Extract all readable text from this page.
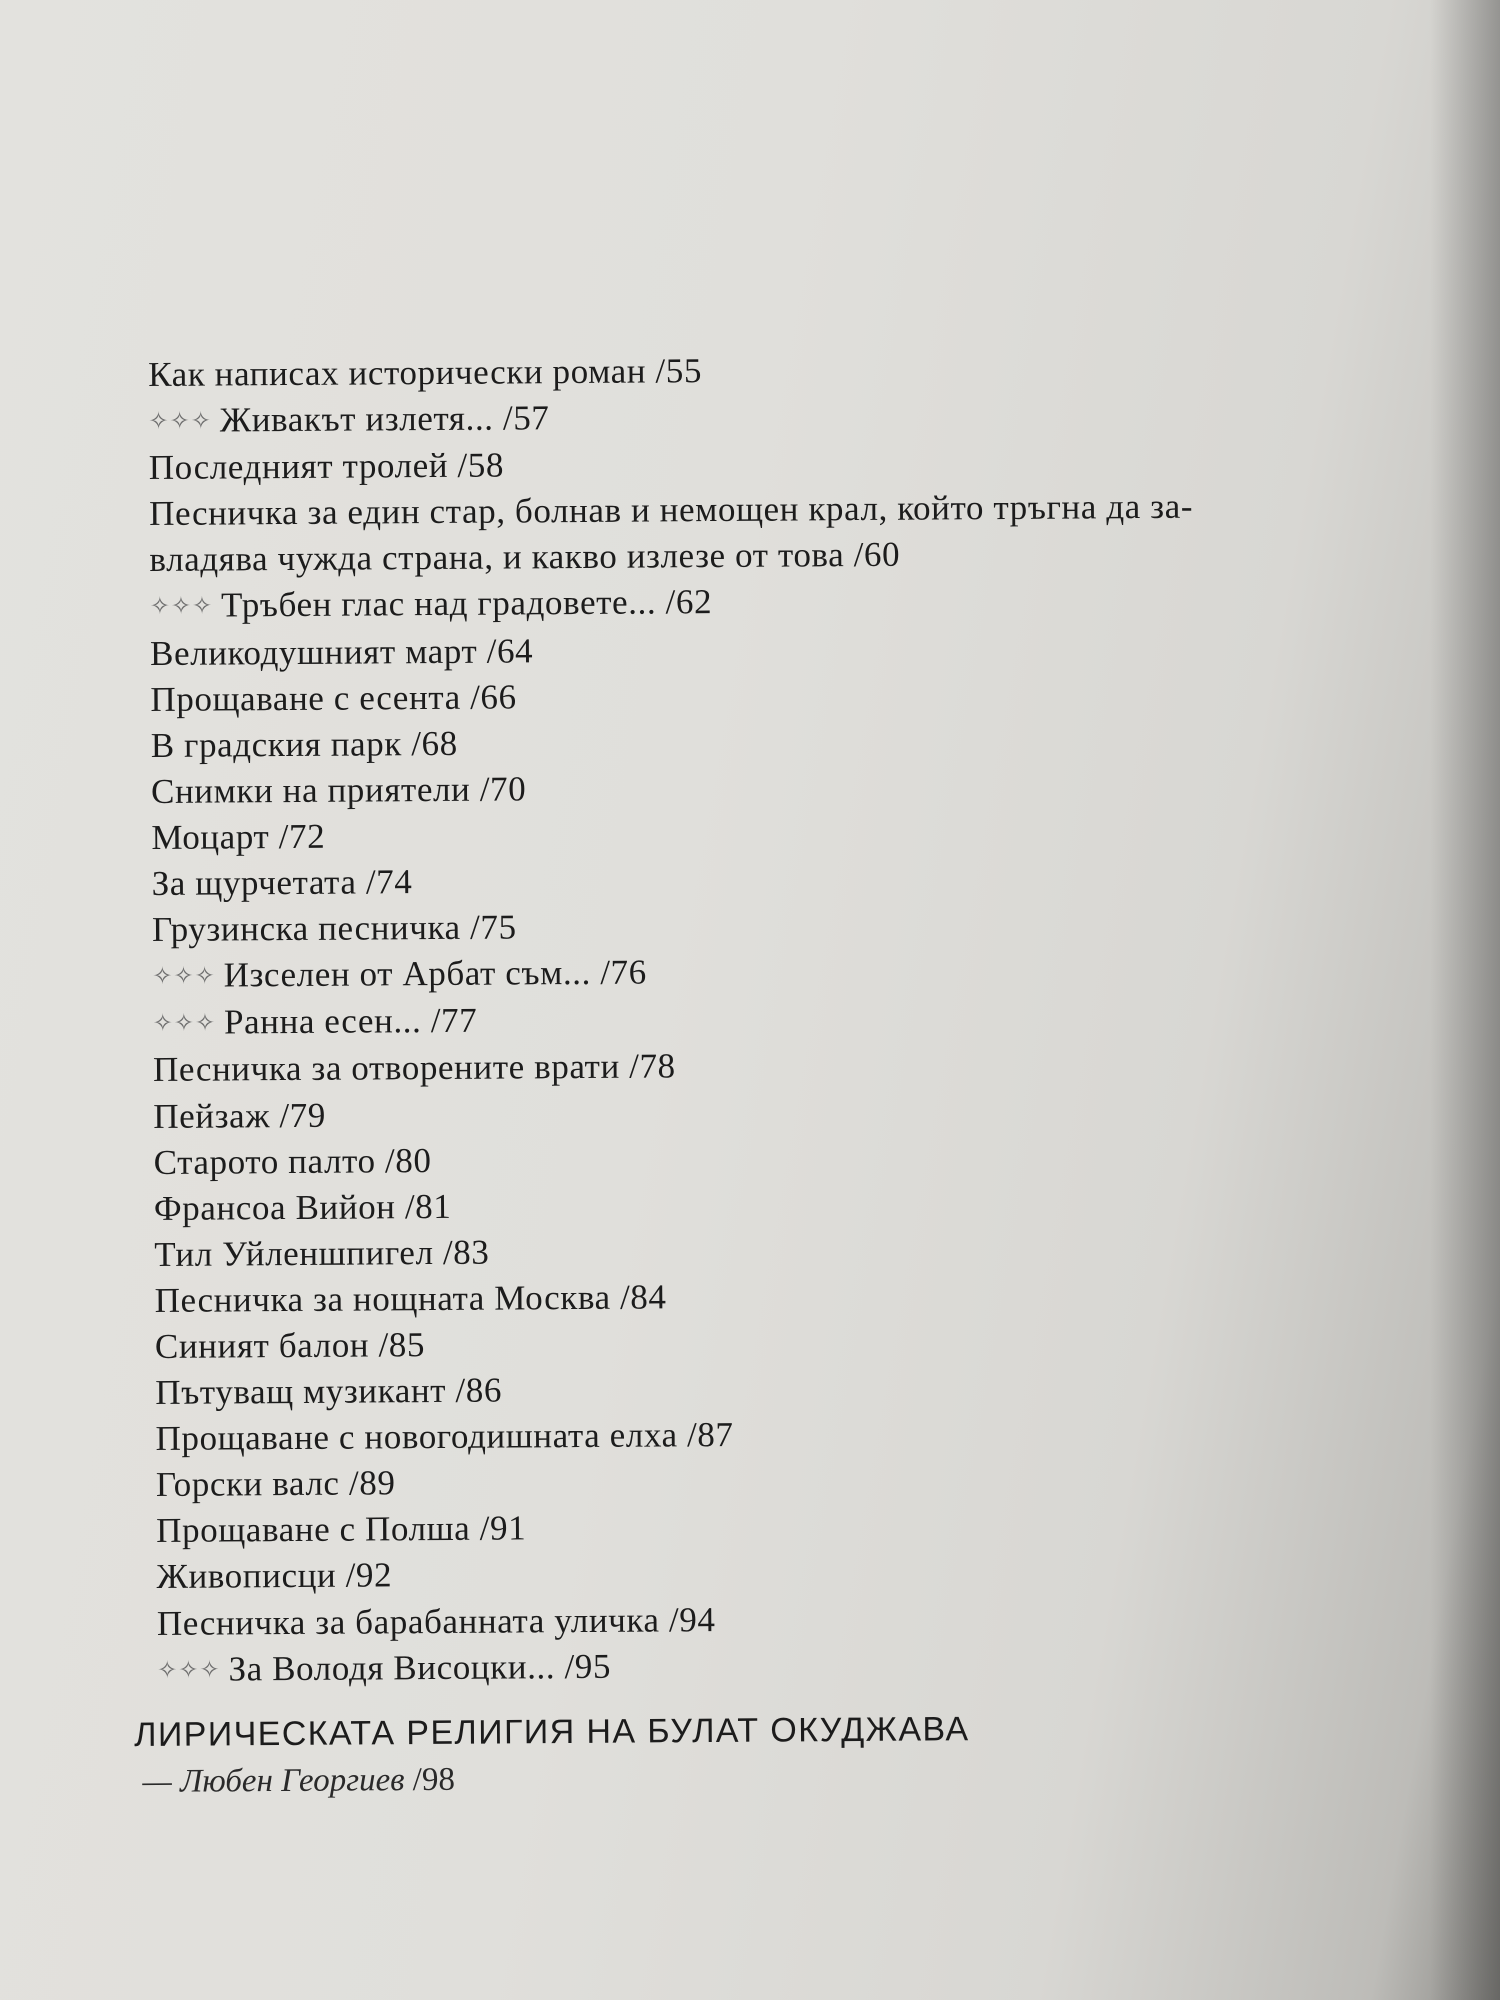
Как написах исторически роман /55
✧✧✧ Живакът излетя... /57
Последният тролей /58
Песничка за един стар, болнав и немощен крал, който тръгна да за-
владява чужда страна, и какво излезе от това /60
✧✧✧ Тръбен глас над градовете... /62
Великодушният март /64
Прощаване с есента /66
В градския парк /68
Снимки на приятели /70
Моцарт /72
За щурчетата /74
Грузинска песничка /75
✧✧✧ Изселен от Арбат съм... /76
✧✧✧ Ранна есен... /77
Песничка за отворените врати /78
Пейзаж /79
Старото палто /80
Франсоа Вийон /81
Тил Уйленшпигел /83
Песничка за нощната Москва /84
Синият балон /85
Пътуващ музикант /86
Прощаване с новогодишната елха /87
Горски валс /89
Прощаване с Полша /91
Живописци /92
Песничка за барабанната уличка /94
✧✧✧ За Володя Висоцки... /95
ЛИРИЧЕСКАТА РЕЛИГИЯ НА БУЛАТ ОКУДЖАВА
— Любен Георгиев /98
